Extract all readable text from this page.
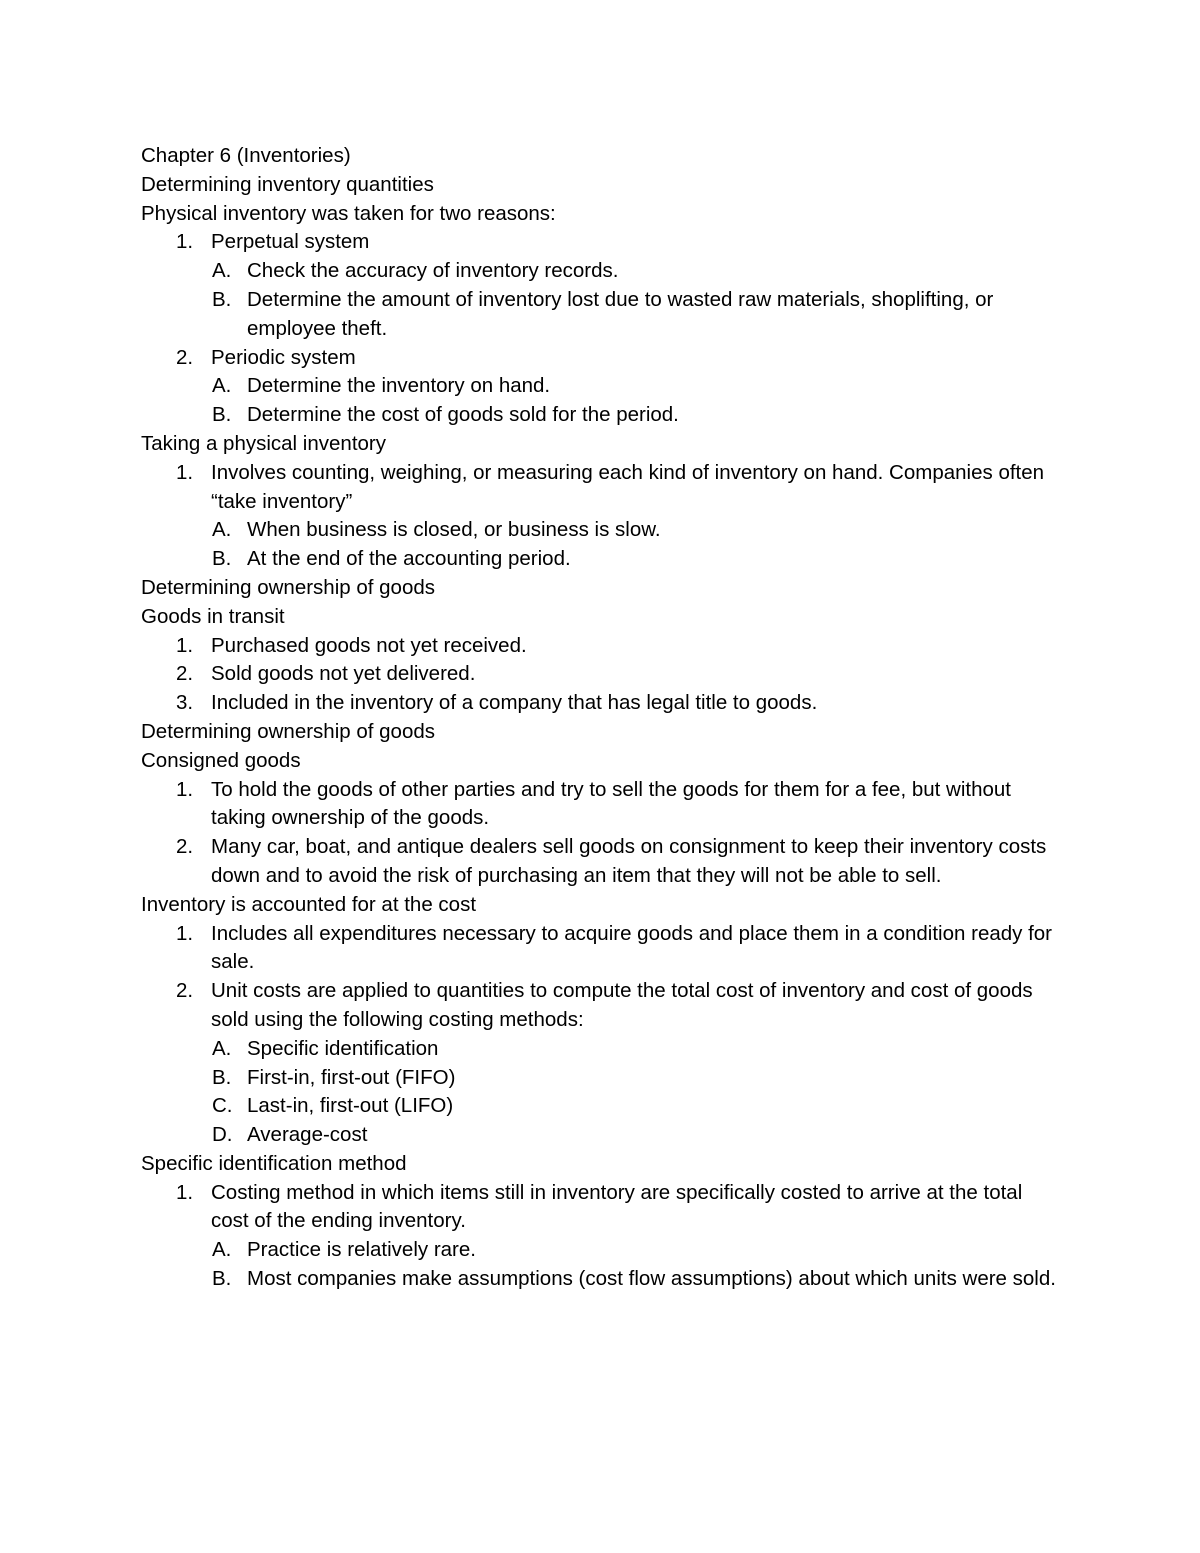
Chapter 6 (Inventories)

Determining inventory quantities

Physical inventory was taken for two reasons:

1. Perpetual system

A. Check the accuracy of inventory records.

B. Determine the amount of inventory lost due to wasted raw materials, shoplifting, or employee theft.

2. Periodic system

A. Determine the inventory on hand.

B. Determine the cost of goods sold for the period.

Taking a physical inventory

1. Involves counting, weighing, or measuring each kind of inventory on hand. Companies often “take inventory”

A. When business is closed, or business is slow.

B. At the end of the accounting period.

Determining ownership of goods

Goods in transit

1. Purchased goods not yet received.

2. Sold goods not yet delivered.

3. Included in the inventory of a company that has legal title to goods.

Determining ownership of goods

Consigned goods

1. To hold the goods of other parties and try to sell the goods for them for a fee, but without taking ownership of the goods.

2. Many car, boat, and antique dealers sell goods on consignment to keep their inventory costs down and to avoid the risk of purchasing an item that they will not be able to sell.

Inventory is accounted for at the cost

1. Includes all expenditures necessary to acquire goods and place them in a condition ready for sale.

2. Unit costs are applied to quantities to compute the total cost of inventory and cost of goods sold using the following costing methods:

A. Specific identification

B. First-in, first-out (FIFO)

C. Last-in, first-out (LIFO)

D. Average-cost

Specific identification method

1. Costing method in which items still in inventory are specifically costed to arrive at the total cost of the ending inventory.

A. Practice is relatively rare.

B. Most companies make assumptions (cost flow assumptions) about which units were sold.
